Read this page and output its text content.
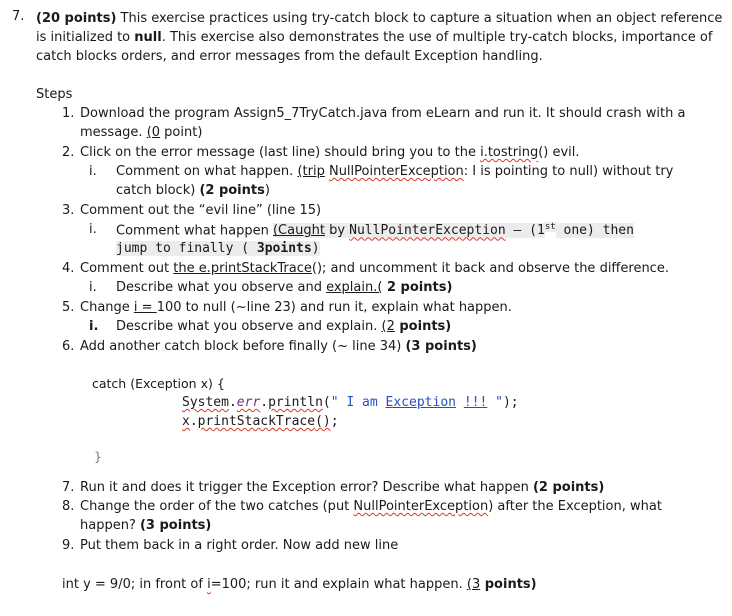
7. (20 points) This exercise practices using try-catch block to capture a situation when an object reference is initialized to null. This exercise also demonstrates the use of multiple try-catch blocks, importance of catch blocks orders, and error messages from the default Exception handling.
Steps
1. Download the program Assign5_7TryCatch.java from eLearn and run it. It should crash with a
message. (0 point)
2. Click on the error message (last line) should bring you to the i.tostring() evil.
i. Comment on what happen. (trip NullPointerException: I is pointing to null) without try
catch block) (2 points)
3. Comment out the “evil line” (line 15)
i. Comment what happen (Caught by NullPointerException – (1st one) then
jump to finally ( 3points)
4. Comment out the e.printStackTrace(); and uncomment it back and observe the difference.
i. Describe what you observe and explain.( 2 points)
5. Change i = 100 to null (~line 23) and run it, explain what happen.
i. Describe what you observe and explain. (2 points)
6. Add another catch block before finally (~ line 34) (3 points)
catch (Exception x) {
System.err.println(" I am Exception !!! ");
x.printStackTrace();
}
7. Run it and does it trigger the Exception error? Describe what happen (2 points)
8. Change the order of the two catches (put NullPointerException) after the Exception, what
happen? (3 points)
9. Put them back in a right order. Now add new line
int y = 9/0; in front of i=100; run it and explain what happen. (3 points)
